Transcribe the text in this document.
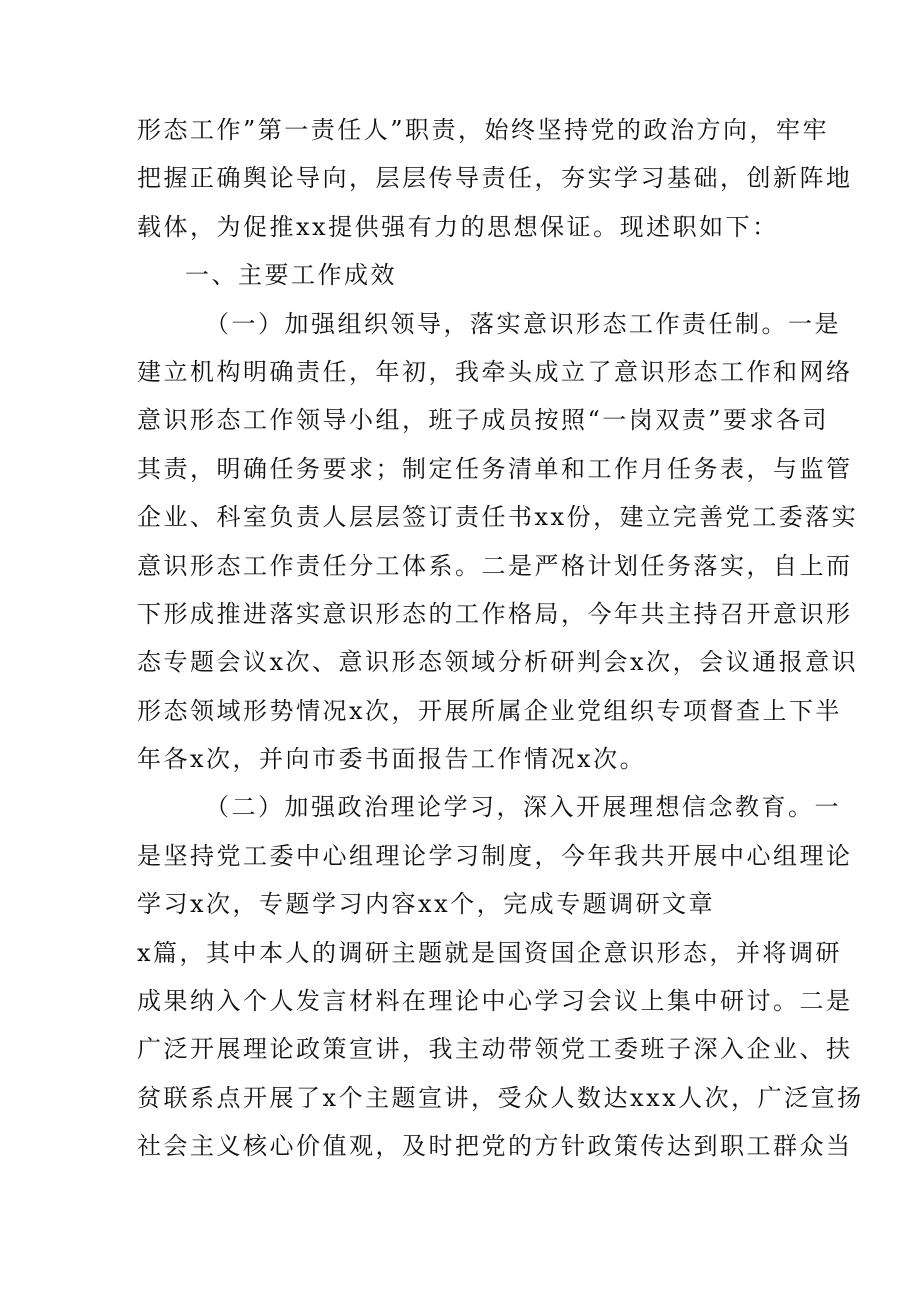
形态工作”第一责任人”职责，始终坚持党的政治方向，牢牢
把握正确舆论导向，层层传导责任，夯实学习基础，创新阵地
载体，为促推xx提供强有力的思想保证。现述职如下：
一、主要工作成效
（一）加强组织领导，落实意识形态工作责任制。一是
建立机构明确责任，年初，我牵头成立了意识形态工作和网络
意识形态工作领导小组，班子成员按照“一岗双责”要求各司
其责，明确任务要求；制定任务清单和工作月任务表，与监管
企业、科室负责人层层签订责任书xx份，建立完善党工委落实
意识形态工作责任分工体系。二是严格计划任务落实，自上而
下形成推进落实意识形态的工作格局，今年共主持召开意识形
态专题会议x次、意识形态领域分析研判会x次，会议通报意识
形态领域形势情况x次，开展所属企业党组织专项督查上下半
年各x次，并向市委书面报告工作情况x次。
（二）加强政治理论学习，深入开展理想信念教育。一
是坚持党工委中心组理论学习制度，今年我共开展中心组理论
学习x次，专题学习内容xx个，完成专题调研文章
x篇，其中本人的调研主题就是国资国企意识形态，并将调研
成果纳入个人发言材料在理论中心学习会议上集中研讨。二是
广泛开展理论政策宣讲，我主动带领党工委班子深入企业、扶
贫联系点开展了x个主题宣讲，受众人数达xxx人次，广泛宣扬
社会主义核心价值观，及时把党的方针政策传达到职工群众当
